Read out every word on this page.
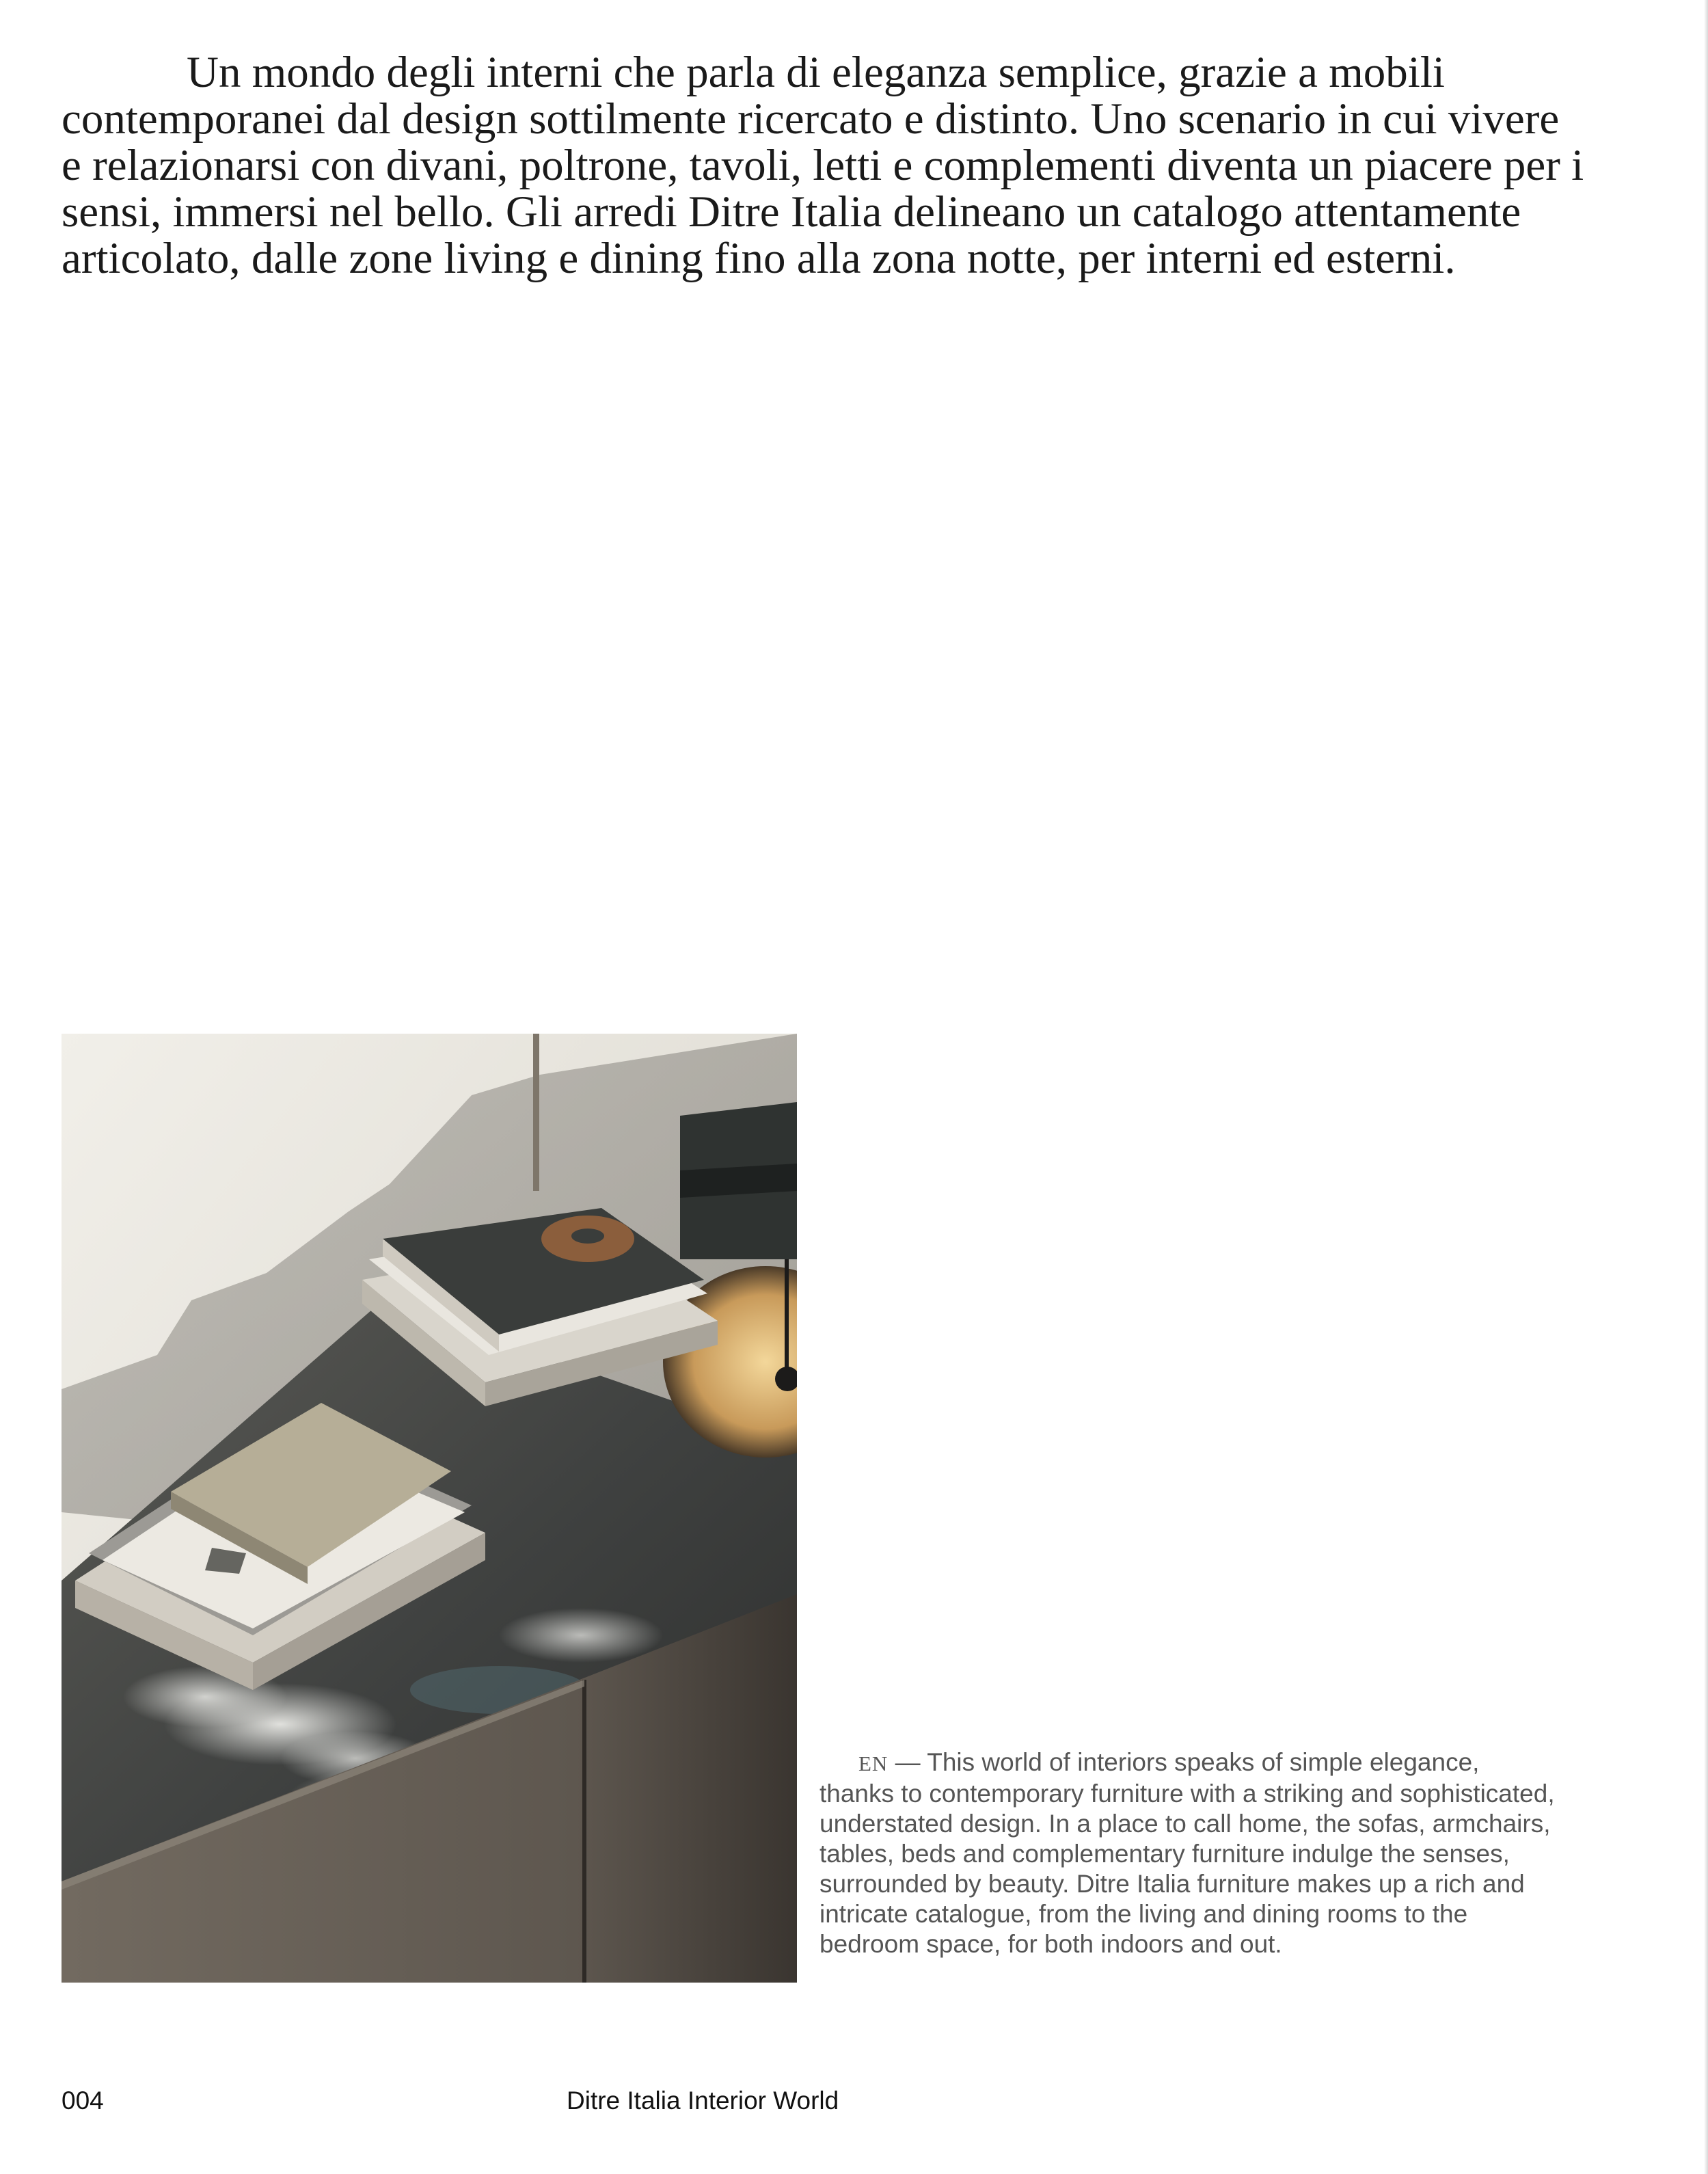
Un mondo degli interni che parla di eleganza semplice, grazie a mobili contemporanei dal design sottilmente ricercato e distinto. Uno scenario in cui vivere e relazionarsi con divani, poltrone, tavoli, letti e complementi diventa un piacere per i sensi, immersi nel bello. Gli arredi Ditre Italia delineano un catalogo attentamente articolato, dalle zone living e dining fino alla zona notte, per interni ed esterni.

EN — This world of interiors speaks of simple elegance, thanks to contemporary furniture with a striking and sophisticated, understated design. In a place to call home, the sofas, armchairs, tables, beds and complementary furniture indulge the senses, surrounded by beauty. Ditre Italia furniture makes up a rich and intricate catalogue, from the living and dining rooms to the bedroom space, for both indoors and out.

004	Ditre Italia Interior World
